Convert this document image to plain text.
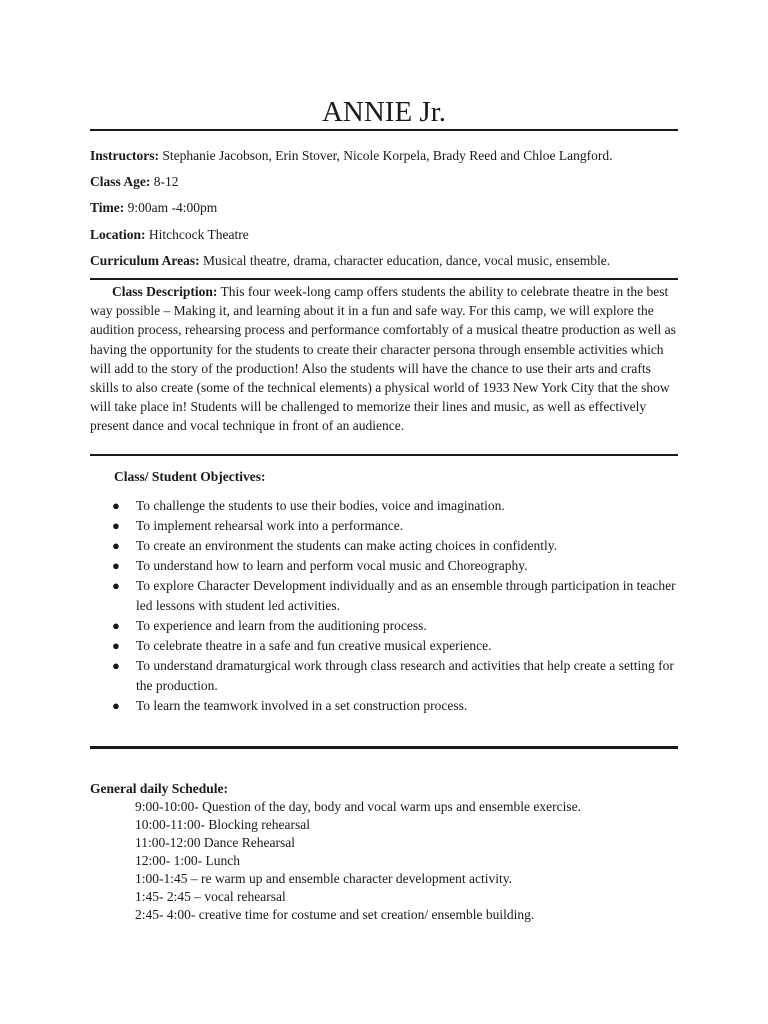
ANNIE Jr.
Instructors: Stephanie Jacobson, Erin Stover, Nicole Korpela, Brady Reed and Chloe Langford.
Class Age: 8-12
Time: 9:00am -4:00pm
Location: Hitchcock Theatre
Curriculum Areas: Musical theatre, drama, character education, dance, vocal music, ensemble.
Class Description: This four week-long camp offers students the ability to celebrate theatre in the best way possible – Making it, and learning about it in a fun and safe way. For this camp, we will explore the audition process, rehearsing process and performance comfortably of a musical theatre production as well as having the opportunity for the students to create their character persona through ensemble activities which will add to the story of the production! Also the students will have the chance to use their arts and crafts skills to also create (some of the technical elements) a physical world of 1933 New York City that the show will take place in! Students will be challenged to memorize their lines and music, as well as effectively present dance and vocal technique in front of an audience.
Class/ Student Objectives:
● To challenge the students to use their bodies, voice and imagination.
● To implement rehearsal work into a performance.
● To create an environment the students can make acting choices in confidently.
● To understand how to learn and perform vocal music and Choreography.
● To explore Character Development individually and as an ensemble through participation in teacher led lessons with student led activities.
● To experience and learn from the auditioning process.
● To celebrate theatre in a safe and fun creative musical experience.
● To understand dramaturgical work through class research and activities that help create a setting for the production.
● To learn the teamwork involved in a set construction process.
General daily Schedule:
9:00-10:00- Question of the day, body and vocal warm ups and ensemble exercise.
10:00-11:00- Blocking rehearsal
11:00-12:00 Dance Rehearsal
12:00- 1:00- Lunch
1:00-1:45 – re warm up and ensemble character development activity.
1:45- 2:45 – vocal rehearsal
2:45- 4:00- creative time for costume and set creation/ ensemble building.
